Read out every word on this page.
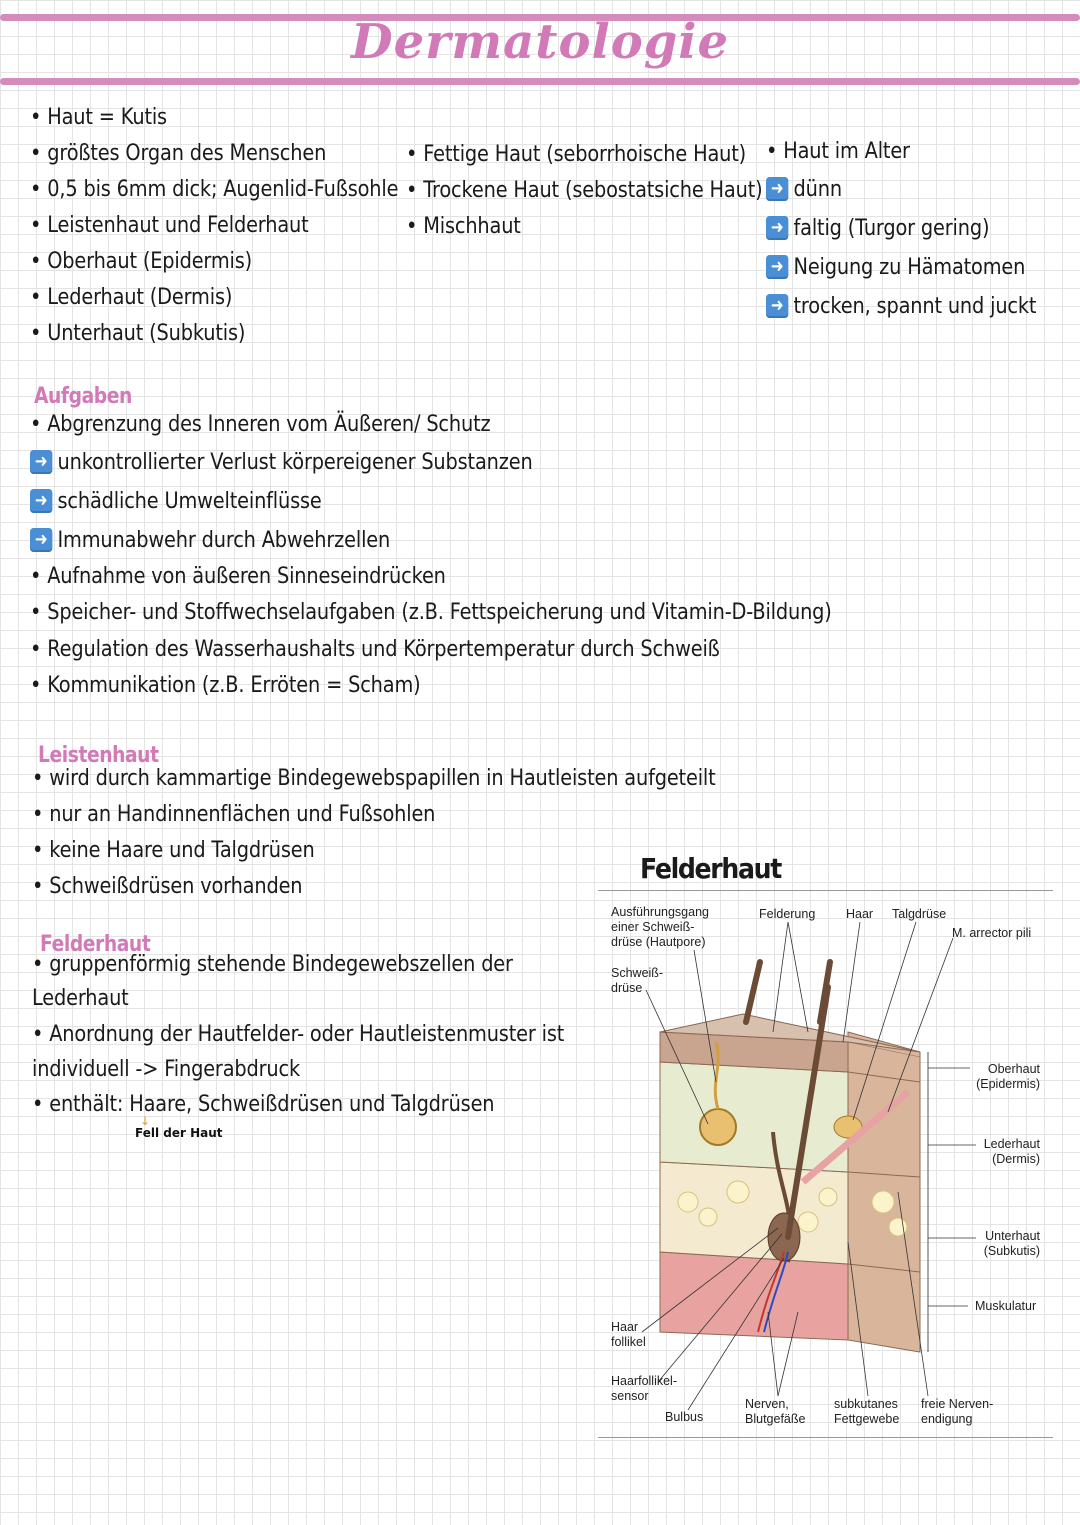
Dermatologie
• Haut = Kutis
• größtes Organ des Menschen
• 0,5 bis 6mm dick; Augenlid-Fußsohle
• Leistenhaut und Felderhaut
• Oberhaut (Epidermis)
• Lederhaut (Dermis)
• Unterhaut (Subkutis)
• Fettige Haut (seborrhoische Haut)
• Trockene Haut (sebostatsiche Haut)
• Mischhaut
• Haut im Alter
➜ dünn
➜ faltig (Turgor gering)
➜ Neigung zu Hämatomen
➜ trocken, spannt und juckt
Aufgaben
• Abgrenzung des Inneren vom Äußeren/ Schutz
➜ unkontrollierter Verlust körpereigener Substanzen
➜ schädliche Umwelteinflüsse
➜ Immunabwehr durch Abwehrzellen
• Aufnahme von äußeren Sinneseindrücken
• Speicher- und Stoffwechselaufgaben (z.B. Fettspeicherung und Vitamin-D-Bildung)
• Regulation des Wasserhaushalts und Körpertemperatur durch Schweiß
• Kommunikation (z.B. Erröten = Scham)
Leistenhaut
• wird durch kammartige Bindegewebspapillen in Hautleisten aufgeteilt
• nur an Handinnenflächen und Fußsohlen
• keine Haare und Talgdrüsen
• Schweißdrüsen vorhanden
Felderhaut
• gruppenförmig stehende Bindegewebszellen der
Lederhaut
• Anordnung der Hautfelder- oder Hautleistenmuster ist
individuell -> Fingerabdruck
• enthält: Haare, Schweißdrüsen und Talgdrüsen
↓
Fell der Haut
Felderhaut
Ausführungsgang einer Schweiß- drüse (Hautpore)
Schweiß- drüse
Felderung Haar Talgdrüse
M. arrector pili
Oberhaut (Epidermis)
Lederhaut (Dermis)
Unterhaut (Subkutis)
Muskulatur
Haar follikel
Haarfollikel- sensor
Bulbus
Nerven, Blutgefäße
subkutanes Fettgewebe
freie Nerven- endigung
